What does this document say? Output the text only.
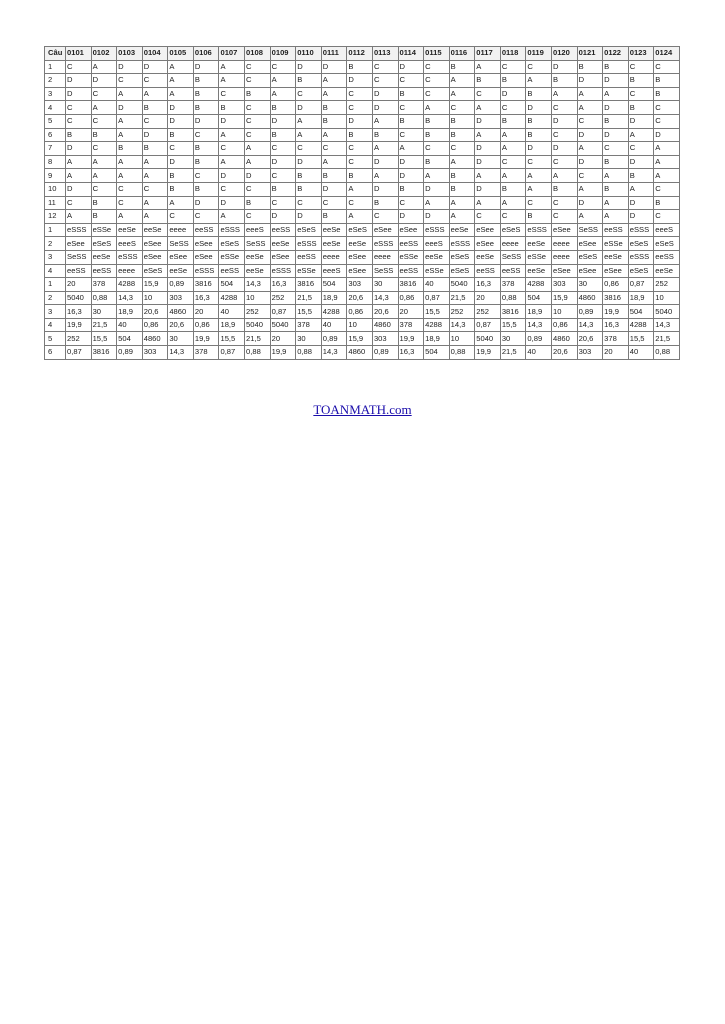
Câu	0101	0102	0103	0104	0105	0106	0107	0108	0109	0110	0111	0112	0113	0114	0115	0116	0117	0118	0119	0120	0121	0122	0123	0124
1	C	A	D	D	A	D	A	C	C	D	D	B	C	D	C	B	A	C	C	D	B	B	C	C
2	D	D	C	C	A	B	A	C	A	B	A	D	C	C	C	A	B	B	A	B	D	D	B	B
3	D	C	A	A	A	B	C	B	A	C	A	C	D	B	C	A	C	D	B	A	A	A	C	B
4	C	A	D	B	D	B	B	C	B	D	B	C	D	C	A	C	A	C	D	C	A	D	B	C
5	C	C	A	C	D	D	D	C	D	A	B	D	A	B	B	B	D	B	B	D	C	B	D	C
6	B	B	A	D	B	C	A	C	B	A	A	B	B	C	B	B	A	A	B	C	D	D	A	D
7	D	C	B	B	C	B	C	A	C	C	C	C	A	A	C	C	D	A	D	D	A	C	C	A
8	A	A	A	A	D	B	A	A	D	D	A	C	D	D	B	A	D	C	C	C	D	B	D	A
9	A	A	A	A	B	C	D	D	C	B	B	B	A	D	A	B	A	A	A	A	C	A	B	A
10	D	C	C	C	B	B	C	C	B	B	D	A	D	B	D	B	D	B	A	B	A	B	A	C
11	C	B	C	A	A	D	D	B	C	C	C	C	B	C	A	A	A	A	C	C	D	A	D	B
12	A	B	A	A	C	C	A	C	D	D	B	A	C	D	D	A	C	C	B	C	A	A	D	C
1	eSSS	eSSe	eeSe	eeSe	eeee	eeSS	eSSS	eeeS	eeSS	eSeS	eeSe	eSeS	eSee	eSee	eSSS	eeSe	eSee	eSeS	eSSS	eSee	SeSS	eeSS	eSSS	eeeS
2	eSee	eSeS	eeeS	eSee	SeSS	eSee	eSeS	SeSS	eeSe	eSSS	eeSe	eeSe	eSSS	eeSS	eeeS	eSSS	eSee	eeee	eeSe	eeee	eSee	eSSe	eSeS	eSeS
3	SeSS	eeSe	eSSS	eSee	eSee	eSee	eSSe	eeSe	eSee	eeSS	eeee	eSee	eeee	eSSe	eeSe	eSeS	eeSe	SeSS	eSSe	eeee	eSeS	eeSe	eSSS	eeSS
4	eeSS	eeSS	eeee	eSeS	eeSe	eSSS	eeSS	eeSe	eSSS	eSSe	eeeS	eSee	SeSS	eeSS	eSSe	eSeS	eeSS	eeSS	eeSe	eSee	eSee	eSee	eSeS	eeSe
1	20	378	4288	15,9	0,89	3816	504	14,3	16,3	3816	504	303	30	3816	40	5040	16,3	378	4288	303	30	0,86	0,87	252
2	5040	0,88	14,3	10	303	16,3	4288	10	252	21,5	18,9	20,6	14,3	0,86	0,87	21,5	20	0,88	504	15,9	4860	3816	18,9	10
3	16,3	30	18,9	20,6	4860	20	40	252	0,87	15,5	4288	0,86	20,6	20	15,5	252	252	3816	18,9	10	0,89	19,9	504	5040
4	19,9	21,5	40	0,86	20,6	0,86	18,9	5040	5040	378	40	10	4860	378	4288	14,3	0,87	15,5	14,3	0,86	14,3	16,3	4288	14,3
5	252	15,5	504	4860	30	19,9	15,5	21,5	20	30	0,89	15,9	303	19,9	18,9	10	5040	30	0,89	4860	20,6	378	15,5	21,5
6	0,87	3816	0,89	303	14,3	378	0,87	0,88	19,9	0,88	14,3	4860	0,89	16,3	504	0,88	19,9	21,5	40	20,6	303	20	40	0,88
TOANMATH.com
